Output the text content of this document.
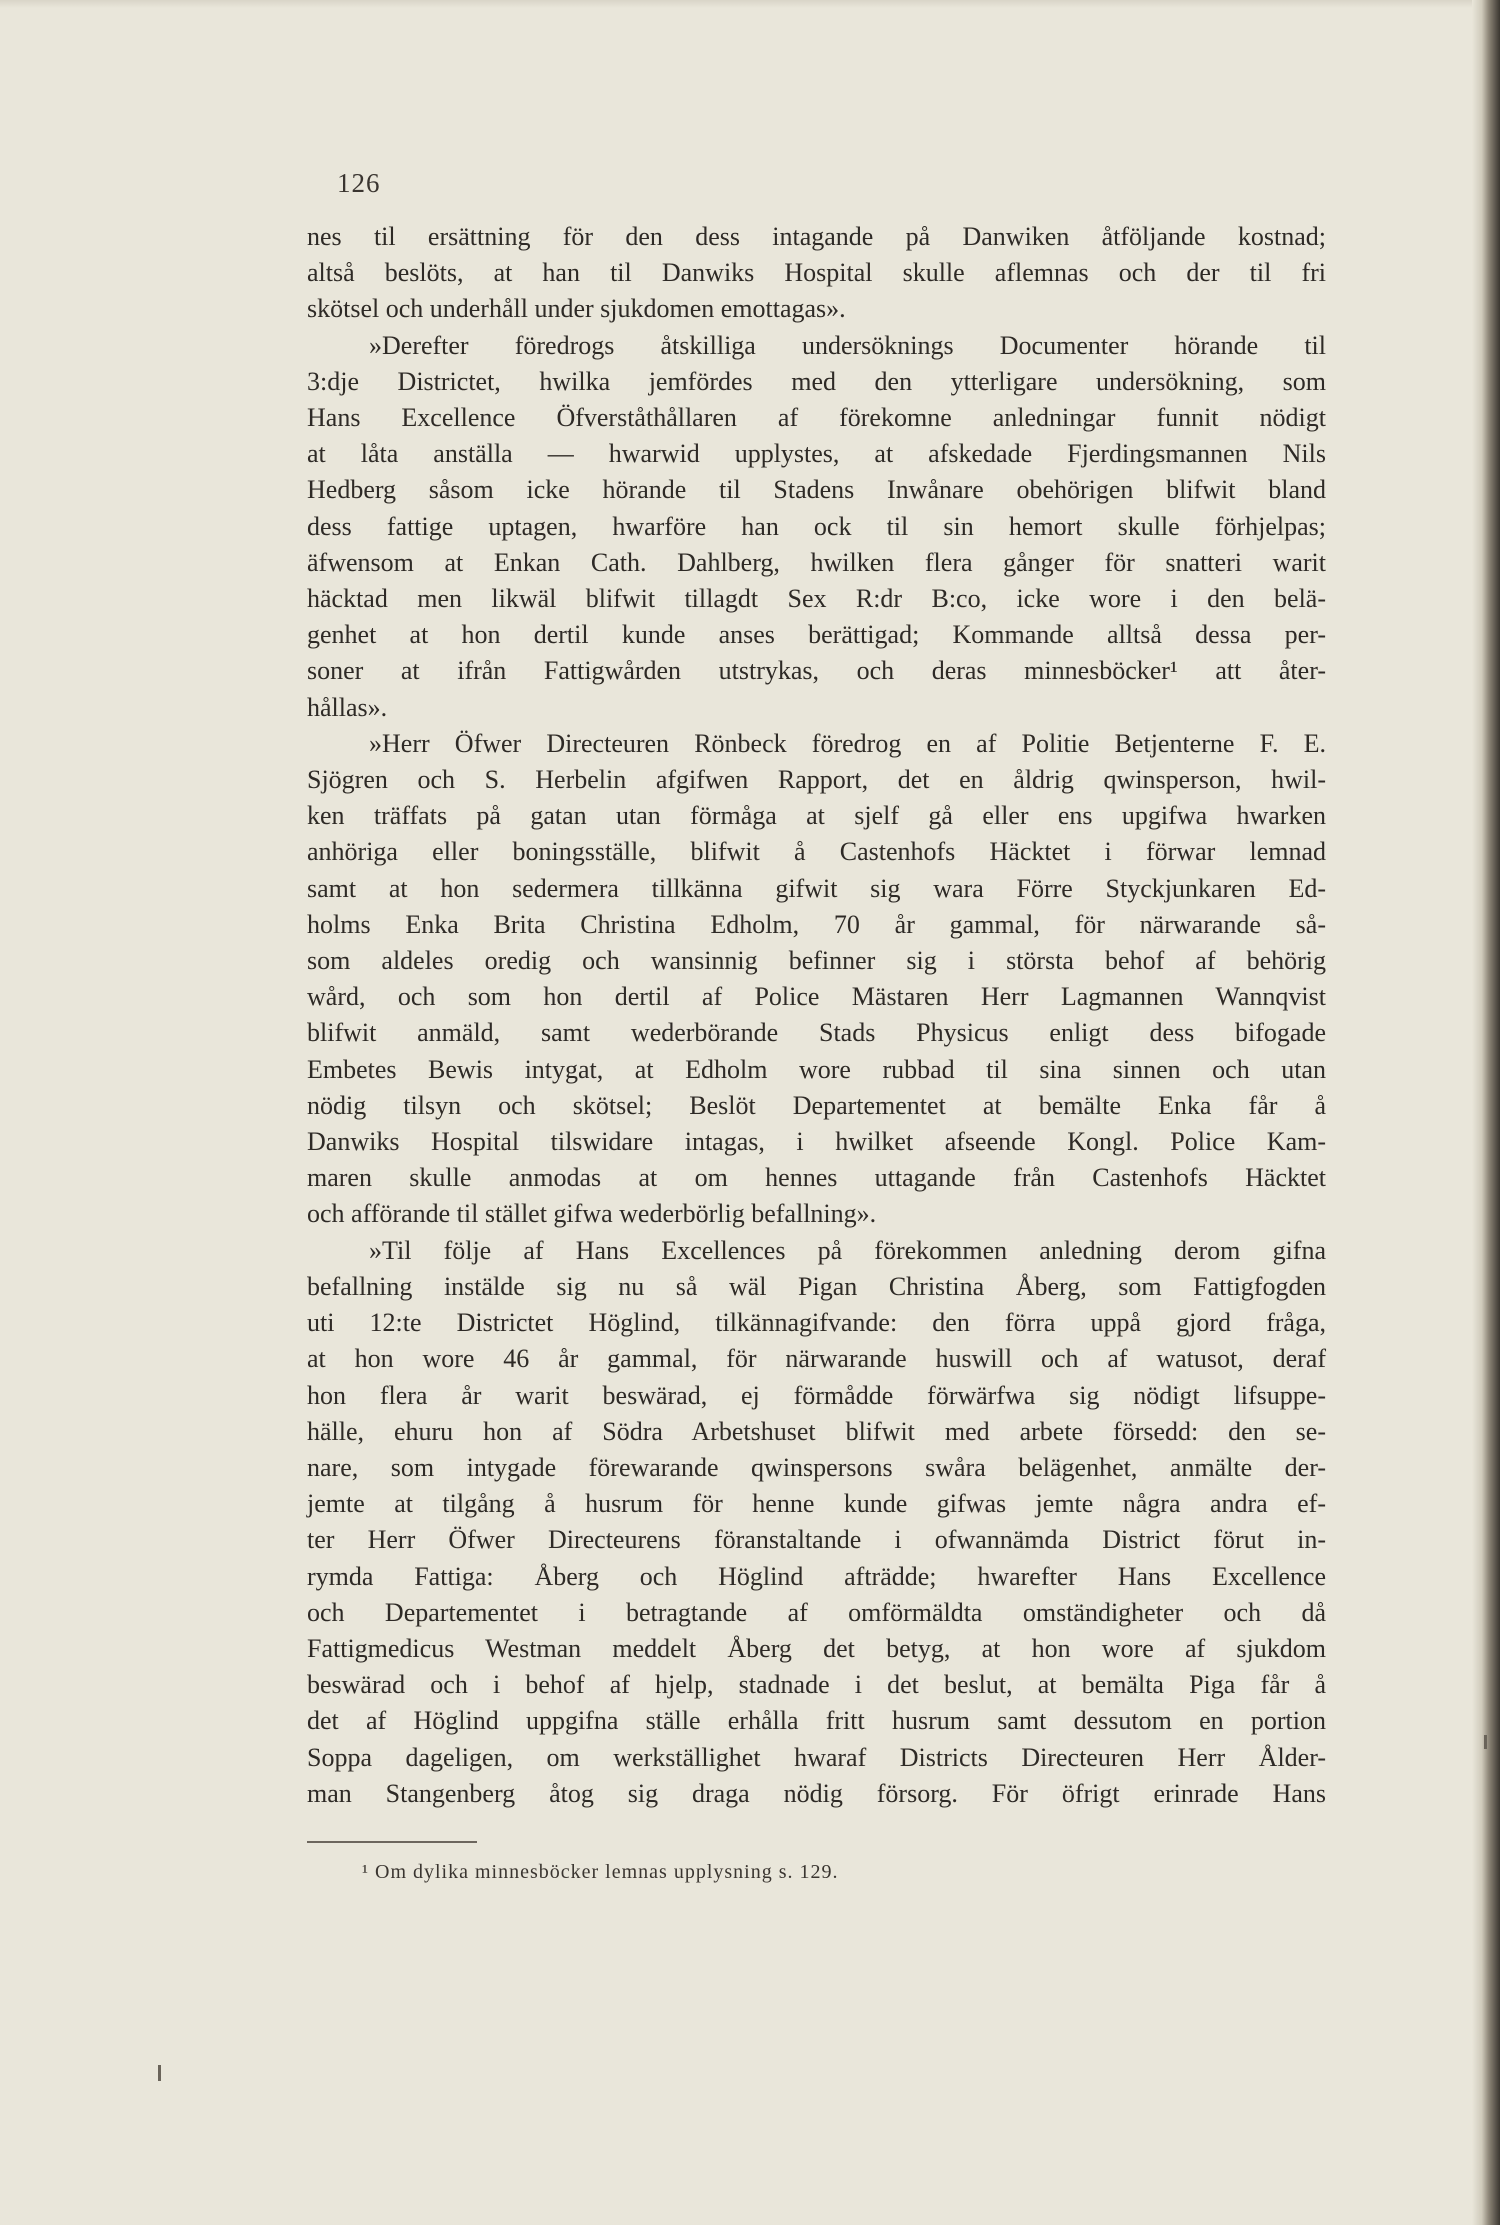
126
nes til ersättning för den dess intagande på Danwiken åtföljande kostnad;
altså beslöts, at han til Danwiks Hospital skulle aflemnas och der til fri
skötsel och underhåll under sjukdomen emottagas».
»Derefter föredrogs åtskilliga undersöknings Documenter hörande til
3:dje Districtet, hwilka jemfördes med den ytterligare undersökning, som
Hans Excellence Öfverståthållaren af förekomne anledningar funnit nödigt
at låta anställa — hwarwid upplystes, at afskedade Fjerdingsmannen Nils
Hedberg såsom icke hörande til Stadens Inwånare obehörigen blifwit bland
dess fattige uptagen, hwarföre han ock til sin hemort skulle förhjelpas;
äfwensom at Enkan Cath. Dahlberg, hwilken flera gånger för snatteri warit
häcktad men likwäl blifwit tillagdt Sex R:dr B:co, icke wore i den belä-
genhet at hon dertil kunde anses berättigad; Kommande alltså dessa per-
soner at ifrån Fattigwården utstrykas, och deras minnesböcker¹ att åter-
hållas».
»Herr Öfwer Directeuren Rönbeck föredrog en af Politie Betjenterne F. E.
Sjögren och S. Herbelin afgifwen Rapport, det en åldrig qwinsperson, hwil-
ken träffats på gatan utan förmåga at sjelf gå eller ens upgifwa hwarken
anhöriga eller boningsställe, blifwit å Castenhofs Häcktet i förwar lemnad
samt at hon sedermera tillkänna gifwit sig wara Förre Styckjunkaren Ed-
holms Enka Brita Christina Edholm, 70 år gammal, för närwarande så-
som aldeles oredig och wansinnig befinner sig i största behof af behörig
wård, och som hon dertil af Police Mästaren Herr Lagmannen Wannqvist
blifwit anmäld, samt wederbörande Stads Physicus enligt dess bifogade
Embetes Bewis intygat, at Edholm wore rubbad til sina sinnen och utan
nödig tilsyn och skötsel; Beslöt Departementet at bemälte Enka får å
Danwiks Hospital tilswidare intagas, i hwilket afseende Kongl. Police Kam-
maren skulle anmodas at om hennes uttagande från Castenhofs Häcktet
och afförande til stället gifwa wederbörlig befallning».
»Til följe af Hans Excellences på förekommen anledning derom gifna
befallning instälde sig nu så wäl Pigan Christina Åberg, som Fattigfogden
uti 12:te Districtet Höglind, tilkännagifvande: den förra uppå gjord fråga,
at hon wore 46 år gammal, för närwarande huswill och af watusot, deraf
hon flera år warit beswärad, ej förmådde förwärfwa sig nödigt lifsuppe-
hälle, ehuru hon af Södra Arbetshuset blifwit med arbete försedd: den se-
nare, som intygade förewarande qwinspersons swåra belägenhet, anmälte der-
jemte at tilgång å husrum för henne kunde gifwas jemte några andra ef-
ter Herr Öfwer Directeurens föranstaltande i ofwannämda District förut in-
rymda Fattiga: Åberg och Höglind afträdde; hwarefter Hans Excellence
och Departementet i betragtande af omförmäldta omständigheter och då
Fattigmedicus Westman meddelt Åberg det betyg, at hon wore af sjukdom
beswärad och i behof af hjelp, stadnade i det beslut, at bemälta Piga får å
det af Höglind uppgifna ställe erhålla fritt husrum samt dessutom en portion
Soppa dageligen, om werkställighet hwaraf Districts Directeuren Herr Ålder-
man Stangenberg åtog sig draga nödig försorg. För öfrigt erinrade Hans
¹ Om dylika minnesböcker lemnas upplysning s. 129.
